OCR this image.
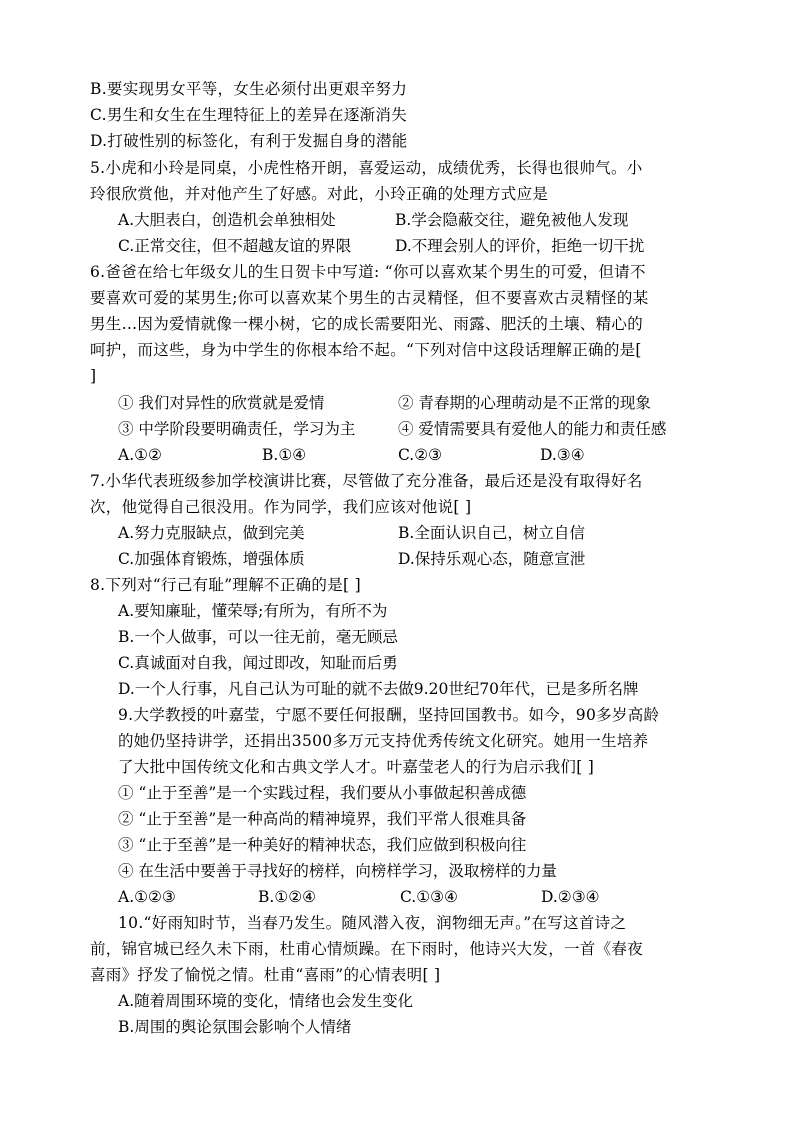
B.要实现男女平等，女生必须付出更艰辛努力
C.男生和女生在生理特征上的差异在逐渐消失
D.打破性别的标签化，有利于发掘自身的潜能
5.小虎和小玲是同桌，小虎性格开朗，喜爱运动，成绩优秀，长得也很帅气。小
玲很欣赏他，并对他产生了好感。对此，小玲正确的处理方式应是
A.大胆表白，创造机会单独相处	B.学会隐蔽交往，避免被他人发现
C.正常交往，但不超越友谊的界限	D.不理会别人的评价，拒绝一切干扰
6.爸爸在给七年级女儿的生日贺卡中写道: “你可以喜欢某个男生的可爱，但请不
要喜欢可爱的某男生;你可以喜欢某个男生的古灵精怪，但不要喜欢古灵精怪的某
男生…因为爱情就像一棵小树，它的成长需要阳光、雨露、肥沃的土壤、精心的
呵护，而这些，身为中学生的你根本给不起。“下列对信中这段话理解正确的是[
]
① 我们对异性的欣赏就是爱情	② 青春期的心理萌动是不正常的现象
③ 中学阶段要明确责任，学习为主	④ 爱情需要具有爱他人的能力和责任感
A.①②	B.①④	C.②③	D.③④
7.小华代表班级参加学校演讲比赛，尽管做了充分准备，最后还是没有取得好名
次，他觉得自己很没用。作为同学，我们应该对他说[ ]
A.努力克服缺点，做到完美	B.全面认识自己，树立自信
C.加强体育锻炼，增强体质	D.保持乐观心态，随意宣泄
8.下列对“行己有耻”理解不正确的是[ ]
A.要知廉耻，懂荣辱;有所为，有所不为
B.一个人做事，可以一往无前，毫无顾忌
C.真诚面对自我，闻过即改，知耻而后勇
D.一个人行事，凡自己认为可耻的就不去做9.20世纪70年代，已是多所名牌
9.大学教授的叶嘉莹，宁愿不要任何报酬，坚持回国教书。如今，90多岁高龄
的她仍坚持讲学，还捐出3500多万元支持优秀传统文化研究。她用一生培养
了大批中国传统文化和古典文学人才。叶嘉莹老人的行为启示我们[ ]
① “止于至善”是一个实践过程，我们要从小事做起积善成德
② “止于至善”是一种高尚的精神境界，我们平常人很难具备
③ “止于至善”是一种美好的精神状态，我们应做到积极向往
④ 在生活中要善于寻找好的榜样，向榜样学习，汲取榜样的力量
A.①②③	B.①②④	C.①③④	D.②③④
10.“好雨知时节，当春乃发生。随风潜入夜，润物细无声。”在写这首诗之
前，锦官城已经久未下雨，杜甫心情烦躁。在下雨时，他诗兴大发，一首《春夜
喜雨》抒发了愉悦之情。杜甫“喜雨”的心情表明[ ]
A.随着周围环境的变化，情绪也会发生变化
B.周围的舆论氛围会影响个人情绪
